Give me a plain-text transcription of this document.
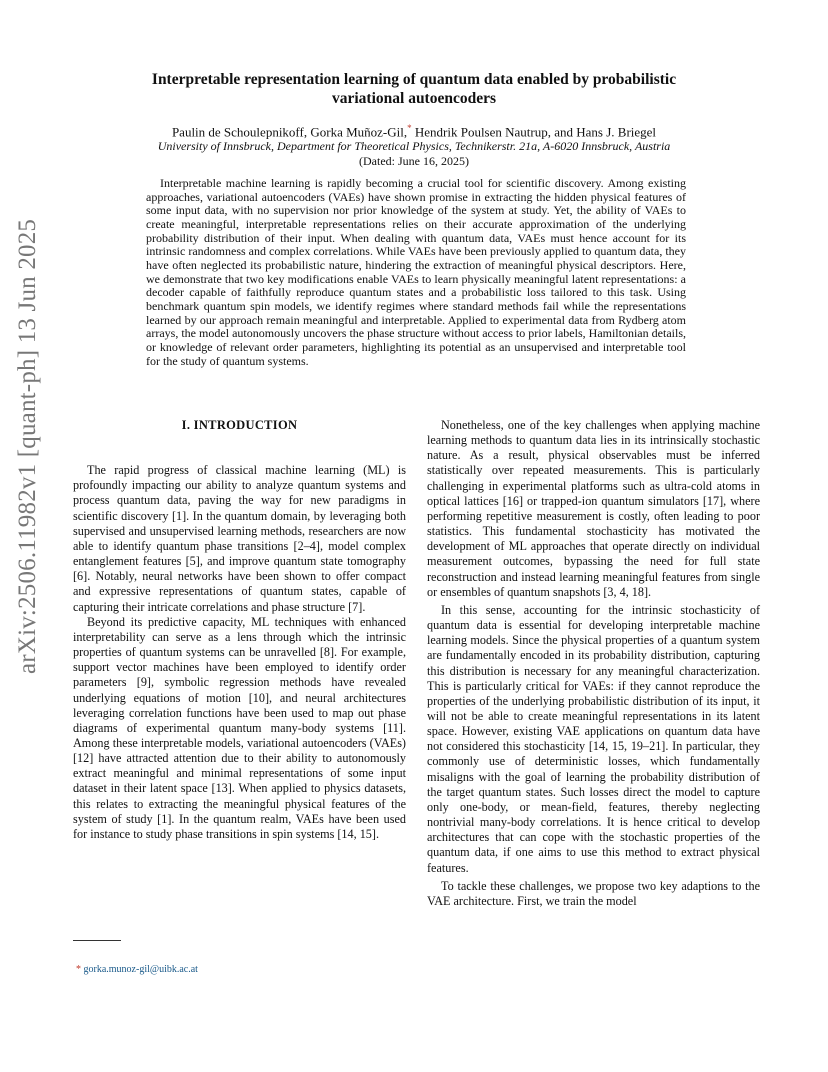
arXiv:2506.11982v1 [quant-ph] 13 Jun 2025
Interpretable representation learning of quantum data enabled by probabilistic
variational autoencoders
Paulin de Schoulepnikoff, Gorka Muñoz-Gil,* Hendrik Poulsen Nautrup, and Hans J. Briegel
University of Innsbruck, Department for Theoretical Physics, Technikerstr. 21a, A-6020 Innsbruck, Austria
(Dated: June 16, 2025)
Interpretable machine learning is rapidly becoming a crucial tool for scientific discovery. Among existing approaches, variational autoencoders (VAEs) have shown promise in extracting the hidden physical features of some input data, with no supervision nor prior knowledge of the system at study. Yet, the ability of VAEs to create meaningful, interpretable representations relies on their accurate approximation of the underlying probability distribution of their input. When dealing with quantum data, VAEs must hence account for its intrinsic randomness and complex correlations. While VAEs have been previously applied to quantum data, they have often neglected its probabilistic nature, hindering the extraction of meaningful physical descriptors. Here, we demonstrate that two key modifications enable VAEs to learn physically meaningful latent representations: a decoder capable of faithfully reproduce quantum states and a probabilistic loss tailored to this task. Using benchmark quantum spin models, we identify regimes where standard methods fail while the representations learned by our approach remain meaningful and interpretable. Applied to experimental data from Rydberg atom arrays, the model autonomously uncovers the phase structure without access to prior labels, Hamiltonian details, or knowledge of relevant order parameters, highlighting its potential as an unsupervised and interpretable tool for the study of quantum systems.
I. INTRODUCTION

The rapid progress of classical machine learning (ML) is profoundly impacting our ability to analyze quantum systems and process quantum data, paving the way for new paradigms in scientific discovery [1]. In the quantum domain, by leveraging both supervised and unsupervised learning methods, researchers are now able to identify quantum phase transitions [2–4], model complex entanglement features [5], and improve quantum state tomography [6]. Notably, neural networks have been shown to offer compact and expressive representations of quantum states, capable of capturing their intricate correlations and phase structure [7].

Beyond its predictive capacity, ML techniques with enhanced interpretability can serve as a lens through which the intrinsic properties of quantum systems can be unravelled [8]. For example, support vector machines have been employed to identify order parameters [9], symbolic regression methods have revealed underlying equations of motion [10], and neural architectures leveraging correlation functions have been used to map out phase diagrams of experimental quantum many-body systems [11]. Among these interpretable models, variational autoencoders (VAEs) [12] have attracted attention due to their ability to autonomously extract meaningful and minimal representations of some input dataset in their latent space [13]. When applied to physics datasets, this relates to extracting the meaningful physical features of the system of study [1]. In the quantum realm, VAEs have been used for instance to study phase transitions in spin systems [14, 15].

Nonetheless, one of the key challenges when applying machine learning methods to quantum data lies in its intrinsically stochastic nature. As a result, physical observables must be inferred statistically over repeated measurements. This is particularly challenging in experimental platforms such as ultra-cold atoms in optical lattices [16] or trapped-ion quantum simulators [17], where performing repetitive measurement is costly, often leading to poor statistics. This fundamental stochasticity has motivated the development of ML approaches that operate directly on individual measurement outcomes, bypassing the need for full state reconstruction and instead learning meaningful features from single or ensembles of quantum snapshots [3, 4, 18].

In this sense, accounting for the intrinsic stochasticity of quantum data is essential for developing interpretable machine learning models. Since the physical properties of a quantum system are fundamentally encoded in its probability distribution, capturing this distribution is necessary for any meaningful characterization. This is particularly critical for VAEs: if they cannot reproduce the properties of the underlying probabilistic distribution of its input, it will not be able to create meaningful representations in its latent space. However, existing VAE applications on quantum data have not considered this stochasticity [14, 15, 19–21]. In particular, they commonly use of deterministic losses, which fundamentally misaligns with the goal of learning the probability distribution of the target quantum states. Such losses direct the model to capture only one-body, or mean-field, features, thereby neglecting nontrivial many-body correlations. It is hence critical to develop architectures that can cope with the stochastic properties of the quantum data, if one aims to use this method to extract physical features.

To tackle these challenges, we propose two key adaptions to the VAE architecture. First, we train the model

* gorka.munoz-gil@uibk.ac.at
